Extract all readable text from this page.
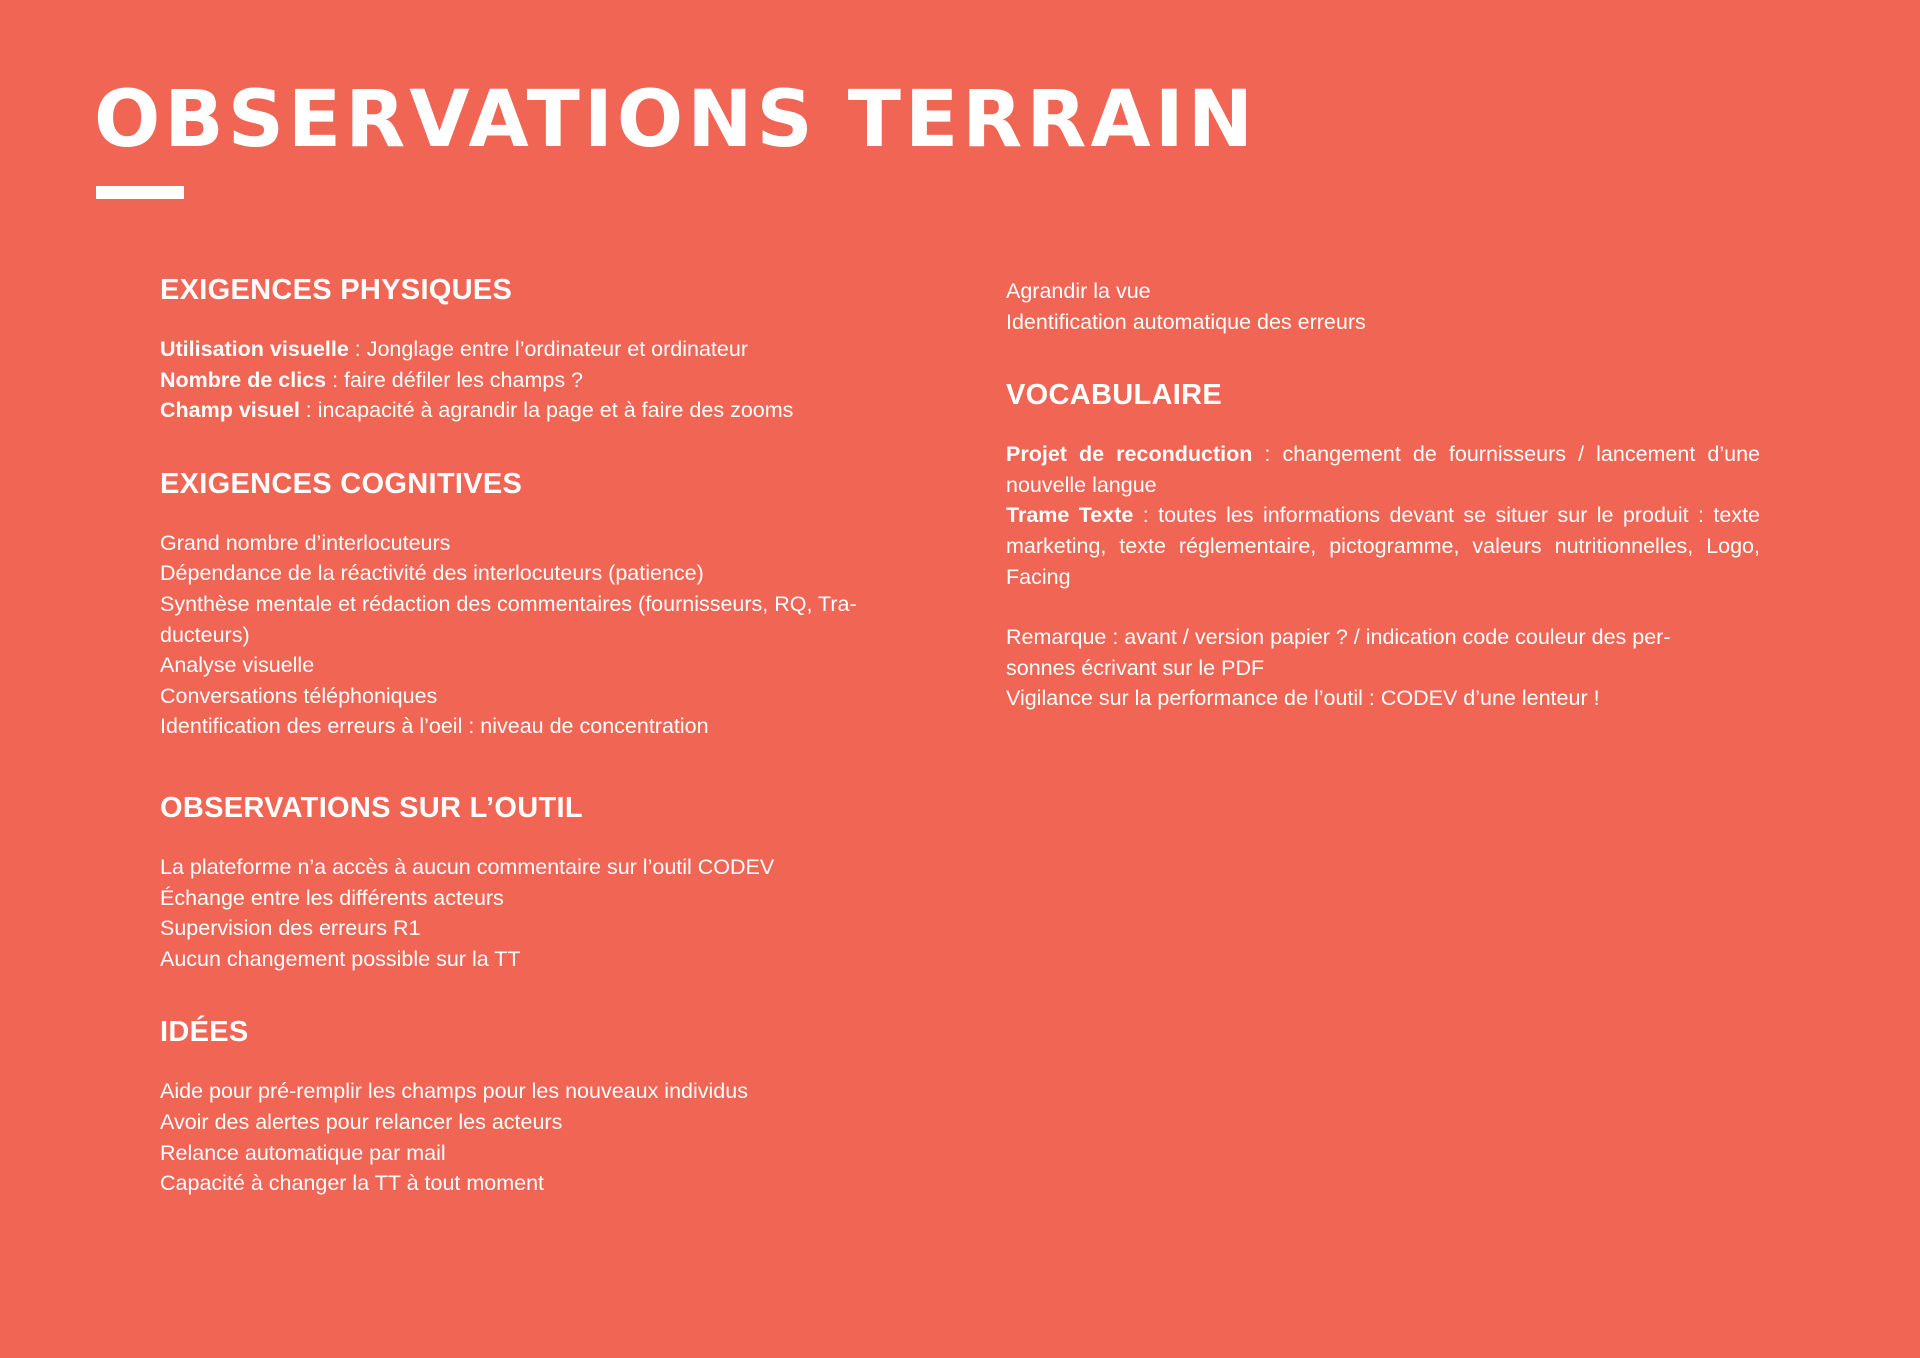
OBSERVATIONS TERRAIN
EXIGENCES PHYSIQUES

Utilisation visuelle : Jonglage entre l’ordinateur et ordinateur

Nombre de clics : faire défiler les champs ?

Champ visuel : incapacité à agrandir la page et à faire des zooms

EXIGENCES COGNITIVES

Grand nombre d’interlocuteurs

Dépendance de la réactivité des interlocuteurs (patience)

Synthèse mentale et rédaction des commentaires (fournisseurs, RQ, Tra-

ducteurs)

Analyse visuelle

Conversations téléphoniques

Identification des erreurs à l’oeil : niveau de concentration

OBSERVATIONS SUR L’OUTIL

La plateforme n’a accès à aucun commentaire sur l’outil CODEV

Échange entre les différents acteurs

Supervision des erreurs R1

Aucun changement possible sur la TT

IDÉES

Aide pour pré-remplir les champs pour les nouveaux individus

Avoir des alertes pour relancer les acteurs

Relance automatique par mail

Capacité à changer la TT à tout moment

Agrandir la vue

Identification automatique des erreurs

VOCABULAIRE

Projet de reconduction : changement de fournisseurs / lancement d’une nouvelle langue

Trame Texte : toutes les informations devant se situer sur le produit : texte marketing, texte réglementaire, pictogramme, valeurs nutritionnelles, Logo, Facing

Remarque : avant / version papier ? / indication code couleur des per-

sonnes écrivant sur le PDF

Vigilance sur la performance de l’outil : CODEV d’une lenteur !
